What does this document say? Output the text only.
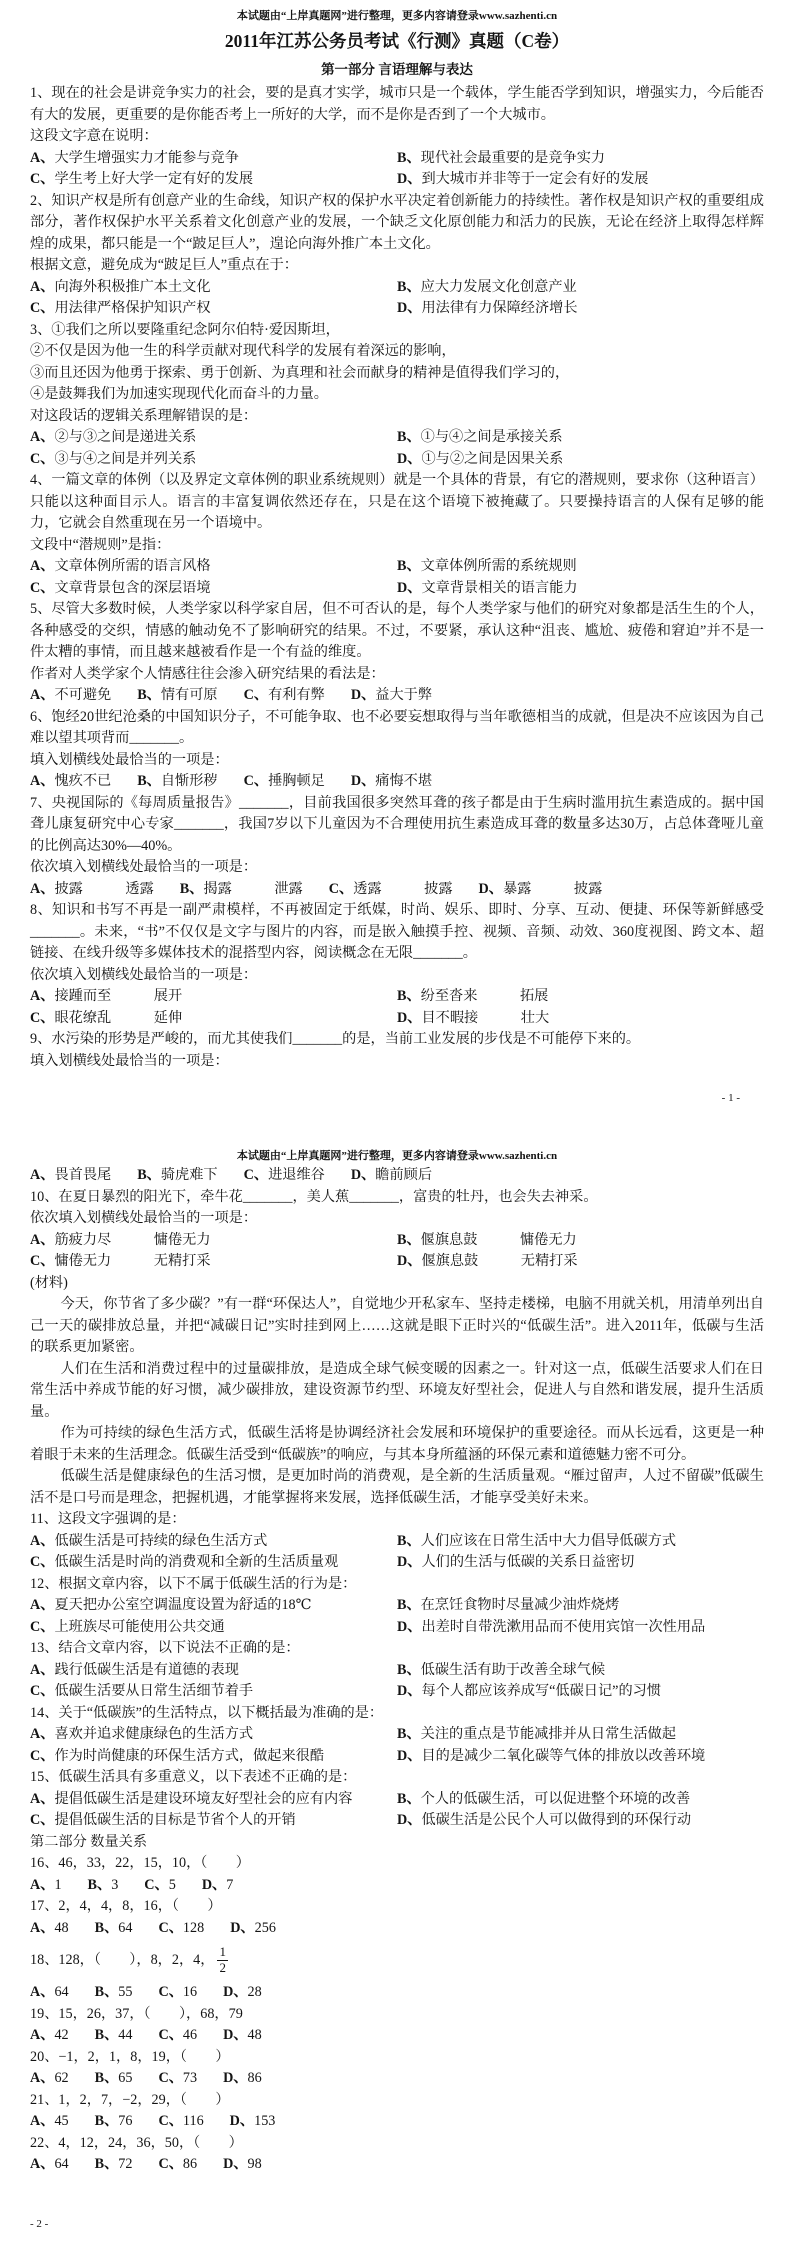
本试题由“上岸真题网”进行整理，更多内容请登录www.sazhenti.cn
2011年江苏公务员考试《行测》真题（C卷）
第一部分 言语理解与表达
1、现在的社会是讲竞争实力的社会，要的是真才实学，城市只是一个载体，学生能否学到知识，增强实力，今后能否有大的发展，更重要的是你能否考上一所好的大学，而不是你是否到了一个大城市。
这段文字意在说明：
A、大学生增强实力才能参与竞争	B、现代社会最重要的是竞争实力
C、学生考上好大学一定有好的发展	D、到大城市并非等于一定会有好的发展
2、知识产权是所有创意产业的生命线，知识产权的保护水平决定着创新能力的持续性。著作权是知识产权的重要组成部分，著作权保护水平关系着文化创意产业的发展，一个缺乏文化原创能力和活力的民族，无论在经济上取得怎样辉煌的成果，都只能是一个“跛足巨人”，遑论向海外推广本土文化。
根据文意，避免成为“跛足巨人”重点在于：
A、向海外积极推广本土文化	B、应大力发展文化创意产业
C、用法律严格保护知识产权	D、用法律有力保障经济增长
3、①我们之所以要隆重纪念阿尔伯特·爱因斯坦，
②不仅是因为他一生的科学贡献对现代科学的发展有着深远的影响，
③而且还因为他勇于探索、勇于创新、为真理和社会而献身的精神是值得我们学习的，
④是鼓舞我们为加速实现现代化而奋斗的力量。
对这段话的逻辑关系理解错误的是：
A、②与③之间是递进关系	B、①与④之间是承接关系
C、③与④之间是并列关系	D、①与②之间是因果关系
4、一篇文章的体例（以及界定文章体例的职业系统规则）就是一个具体的背景，有它的潜规则，要求你（这种语言）只能以这种面目示人。语言的丰富复调依然还存在，只是在这个语境下被掩藏了。只要操持语言的人保有足够的能力，它就会自然重现在另一个语境中。
文段中“潜规则”是指：
A、文章体例所需的语言风格	B、文章体例所需的系统规则
C、文章背景包含的深层语境	D、文章背景相关的语言能力
5、尽管大多数时候，人类学家以科学家自居，但不可否认的是，每个人类学家与他们的研究对象都是活生生的个人，各种感受的交织，情感的触动免不了影响研究的结果。不过，不要紧，承认这种“沮丧、尴尬、疲倦和窘迫”并不是一件太糟的事情，而且越来越被看作是一个有益的维度。
作者对人类学家个人情感往往会渗入研究结果的看法是：
A、不可避免 B、情有可原 C、有利有弊 D、益大于弊
6、饱经20世纪沧桑的中国知识分子，不可能争取、也不必要妄想取得与当年歌德相当的成就，但是决不应该因为自己难以望其项背而_______。
填入划横线处最恰当的一项是：
A、愧疚不已 B、自惭形秽 C、捶胸顿足 D、痛悔不堪
7、央视国际的《每周质量报告》_______，目前我国很多突然耳聋的孩子都是由于生病时滥用抗生素造成的。据中国聋儿康复研究中心专家_______，我国7岁以下儿童因为不合理使用抗生素造成耳聋的数量多达30万，占总体聋哑儿童的比例高达30%—40%。
依次填入划横线处最恰当的一项是：
A、披露　　　透露 B、揭露　　　泄露 C、透露　　　披露 D、暴露　　　披露
8、知识和书写不再是一副严肃模样，不再被固定于纸媒，时尚、娱乐、即时、分享、互动、便捷、环保等新鲜感受_______。未来，“书”不仅仅是文字与图片的内容，而是嵌入触摸手控、视频、音频、动效、360度视图、跨文本、超链接、在线升级等多媒体技术的混搭型内容，阅读概念在无限_______。
依次填入划横线处最恰当的一项是：
A、接踵而至　　　展开	B、纷至沓来　　　拓展
C、眼花缭乱　　　延伸	D、目不暇接　　　壮大
9、水污染的形势是严峻的，而尤其使我们_______的是，当前工业发展的步伐是不可能停下来的。
填入划横线处最恰当的一项是：
- 1 -
本试题由“上岸真题网”进行整理，更多内容请登录www.sazhenti.cn
A、畏首畏尾 B、骑虎难下 C、进退维谷 D、瞻前顾后
10、在夏日暴烈的阳光下，牵牛花_______，美人蕉_______，富贵的牡丹，也会失去神采。
依次填入划横线处最恰当的一项是：
A、筋疲力尽　　　慵倦无力	B、偃旗息鼓　　　慵倦无力
C、慵倦无力　　　无精打采	D、偃旗息鼓　　　无精打采
(材料)
今天，你节省了多少碳？”有一群“环保达人”，自觉地少开私家车、坚持走楼梯，电脑不用就关机，用清单列出自己一天的碳排放总量，并把“减碳日记”实时挂到网上……这就是眼下正时兴的“低碳生活”。进入2011年，低碳与生活的联系更加紧密。
人们在生活和消费过程中的过量碳排放，是造成全球气候变暖的因素之一。针对这一点，低碳生活要求人们在日常生活中养成节能的好习惯，减少碳排放，建设资源节约型、环境友好型社会，促进人与自然和谐发展，提升生活质量。
作为可持续的绿色生活方式，低碳生活将是协调经济社会发展和环境保护的重要途径。而从长远看，这更是一种着眼于未来的生活理念。低碳生活受到“低碳族”的响应，与其本身所蕴涵的环保元素和道德魅力密不可分。
低碳生活是健康绿色的生活习惯，是更加时尚的消费观，是全新的生活质量观。“雁过留声，人过不留碳”低碳生活不是口号而是理念，把握机遇，才能掌握将来发展，选择低碳生活，才能享受美好未来。
11、这段文字强调的是：
A、低碳生活是可持续的绿色生活方式	B、人们应该在日常生活中大力倡导低碳方式
C、低碳生活是时尚的消费观和全新的生活质量观	D、人们的生活与低碳的关系日益密切
12、根据文章内容，以下不属于低碳生活的行为是：
A、夏天把办公室空调温度设置为舒适的18℃	B、在烹饪食物时尽量减少油炸烧烤
C、上班族尽可能使用公共交通	D、出差时自带洗漱用品而不使用宾馆一次性用品
13、结合文章内容，以下说法不正确的是：
A、践行低碳生活是有道德的表现	B、低碳生活有助于改善全球气候
C、低碳生活要从日常生活细节着手	D、每个人都应该养成写“低碳日记”的习惯
14、关于“低碳族”的生活特点，以下概括最为准确的是：
A、喜欢并追求健康绿色的生活方式	B、关注的重点是节能减排并从日常生活做起
C、作为时尚健康的环保生活方式，做起来很酷	D、目的是减少二氧化碳等气体的排放以改善环境
15、低碳生活具有多重意义，以下表述不正确的是：
A、提倡低碳生活是建设环境友好型社会的应有内容	B、个人的低碳生活，可以促进整个环境的改善
C、提倡低碳生活的目标是节省个人的开销	D、低碳生活是公民个人可以做得到的环保行动
第二部分 数量关系
16、46，33，22，15，10，（　　）
A、1 B、3 C、5 D、7
17、2，4，4，8，16，（　　）
A、48 B、64 C、128 D、256
18、128，（　　），8，2，4， $\frac{1}{2}$
A、64 B、55 C、16 D、28
19、15，26，37，（　　），68，79
A、42 B、44 C、46 D、48
20、−1，2，1，8，19，（　　）
A、62 B、65 C、73 D、86
21、1，2，7，−2，29，（　　）
A、45 B、76 C、116 D、153
22、4，12，24，36，50，（　　）
A、64 B、72 C、86 D、98
- 2 -
